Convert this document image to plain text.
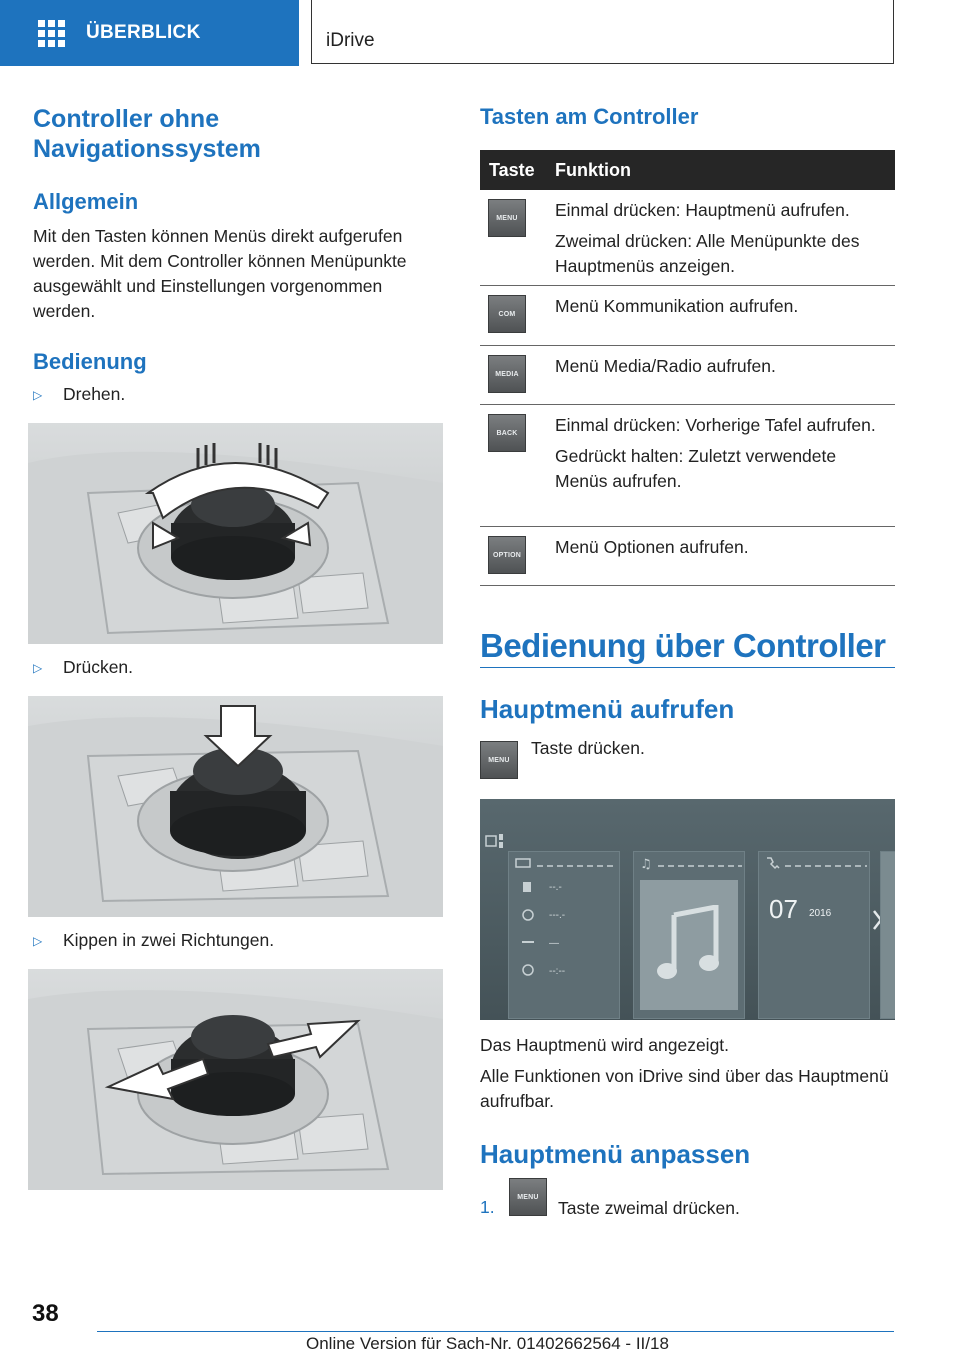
ÜBERBLICK	iDrive
Controller ohne Navigationssystem
Allgemein

Mit den Tasten können Menüs direkt aufgerufen werden. Mit dem Controller können Menüpunkte ausgewählt und Einstellungen vorgenommen werden.

Bedienung
▷ Drehen.
▷ Drücken.
▷ Kippen in zwei Richtungen.
Tasten am Controller
Taste	Funktion
MENU	Einmal drücken: Hauptmenü aufrufen.

Zweimal drücken: Alle Menüpunkte des Hauptmenüs anzeigen.

COM	Menü Kommunikation aufrufen.

MEDIA	Menü Media/Radio aufrufen.

BACK	Einmal drücken: Vorherige Tafel aufrufen.

Gedrückt halten: Zuletzt verwendete Menüs aufrufen.

OPTION Menü Optionen aufrufen.

Bedienung über Controller
Hauptmenü aufrufen
MENU

Taste drücken.

--.-
---.-
—
--:--
♫
07 2016

Das Hauptmenü wird angezeigt.

Alle Funktionen von iDrive sind über das Hauptmenü aufrufbar.

Hauptmenü anpassen
1.	MENU

Taste zweimal drücken.

38
Online Version für Sach-Nr. 01402662564 - II/18
